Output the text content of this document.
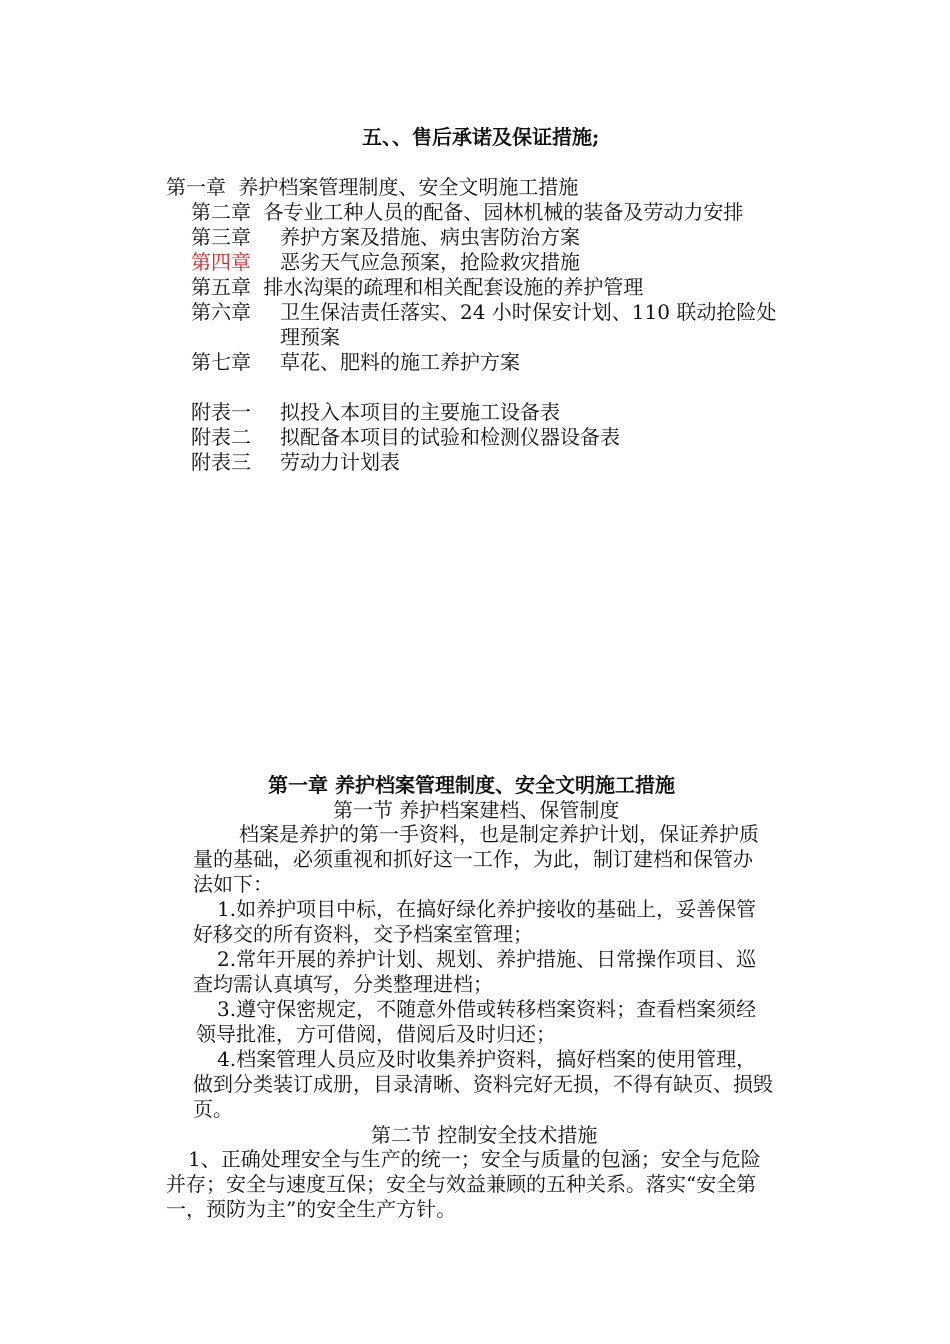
五、、售后承诺及保证措施;
第一章 养护档案管理制度、安全文明施工措施
第二章 各专业工种人员的配备、园林机械的装备及劳动力安排
第三章 养护方案及措施、病虫害防治方案
第四章 恶劣天气应急预案，抢险救灾措施
第五章 排水沟渠的疏理和相关配套设施的养护管理
第六章 卫生保洁责任落实、24 小时保安计划、110 联动抢险处
理预案
第七章 草花、肥料的施工养护方案
附表一 拟投入本项目的主要施工设备表
附表二 拟配备本项目的试验和检测仪器设备表
附表三 劳动力计划表
第一章 养护档案管理制度、安全文明施工措施
第一节 养护档案建档、保管制度
档案是养护的第一手资料，也是制定养护计划，保证养护质
量的基础，必须重视和抓好这一工作，为此，制订建档和保管办
法如下：
1.如养护项目中标，在搞好绿化养护接收的基础上，妥善保管
好移交的所有资料，交予档案室管理；
2.常年开展的养护计划、规划、养护措施、日常操作项目、巡
查均需认真填写，分类整理进档；
3.遵守保密规定，不随意外借或转移档案资料；查看档案须经
领导批准，方可借阅，借阅后及时归还；
4.档案管理人员应及时收集养护资料，搞好档案的使用管理，
做到分类装订成册，目录清晰、资料完好无损，不得有缺页、损毁
页。
第二节 控制安全技术措施
1、正确处理安全与生产的统一；安全与质量的包涵；安全与危险
并存；安全与速度互保；安全与效益兼顾的五种关系。落实“安全第
一，预防为主”的安全生产方针。
